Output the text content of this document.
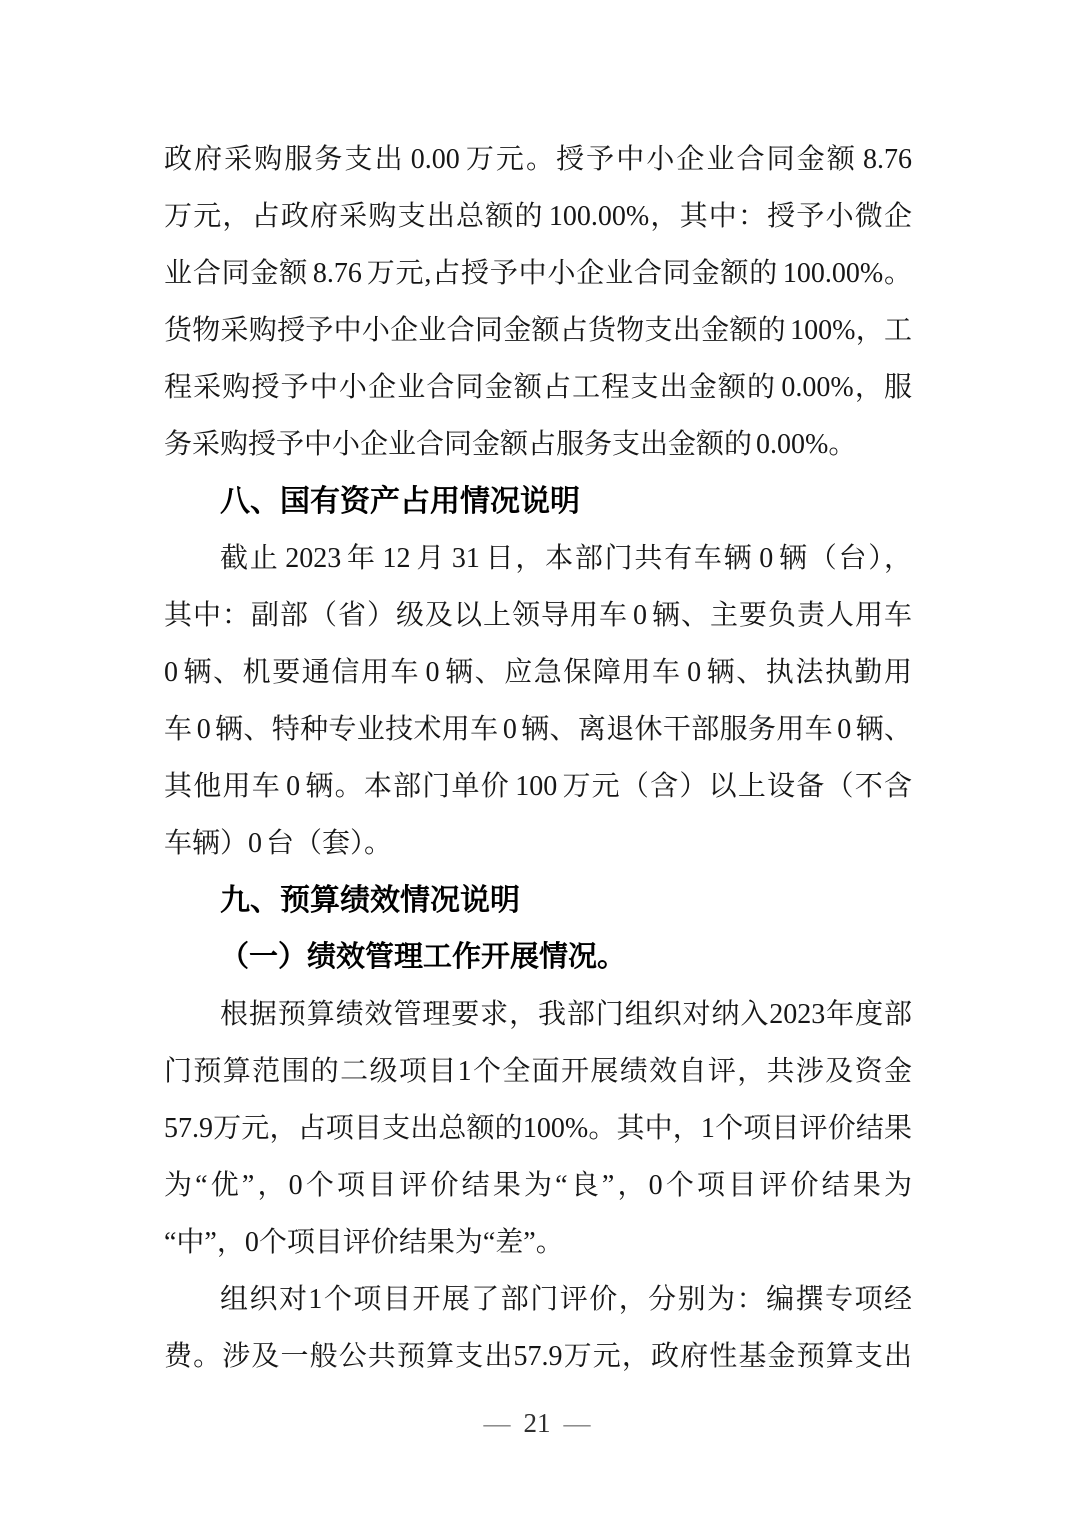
政府采购服务支出 0.00 万元。授予中小企业合同金额 8.76
万元，占政府采购支出总额的 100.00%，其中：授予小微企
业合同金额 8.76 万元,占授予中小企业合同金额的 100.00%。
货物采购授予中小企业合同金额占货物支出金额的 100%，工
程采购授予中小企业合同金额占工程支出金额的 0.00%，服
务采购授予中小企业合同金额占服务支出金额的 0.00%。
八、国有资产占用情况说明
截止 2023 年 12 月 31 日，本部门共有车辆 0 辆（台），
其中：副部（省）级及以上领导用车 0 辆、主要负责人用车
0 辆、机要通信用车 0 辆、应急保障用车 0 辆、执法执勤用
车 0 辆、特种专业技术用车 0 辆、离退休干部服务用车 0 辆、
其他用车 0 辆。本部门单价 100 万元（含）以上设备（不含
车辆）0 台（套）。
九、预算绩效情况说明
（一）绩效管理工作开展情况。
根据预算绩效管理要求，我部门组织对纳入2023年度部
门预算范围的二级项目1个全面开展绩效自评，共涉及资金
57.9万元，占项目支出总额的100%。其中，1个项目评价结果
为“优”，0个项目评价结果为“良”，0个项目评价结果为
“中”，0个项目评价结果为“差”。
组织对1个项目开展了部门评价，分别为：编撰专项经
费。涉及一般公共预算支出57.9万元，政府性基金预算支出
— 21 —
